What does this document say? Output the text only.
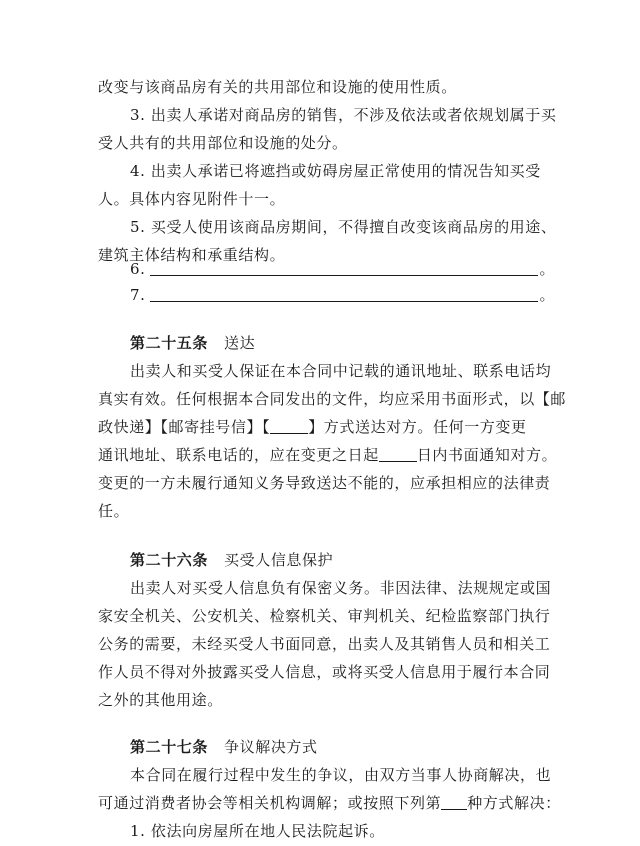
改变与该商品房有关的共用部位和设施的使用性质。
3. 出卖人承诺对商品房的销售，不涉及依法或者依规划属于买
受人共有的共用部位和设施的处分。
4. 出卖人承诺已将遮挡或妨碍房屋正常使用的情况告知买受
人。具体内容见附件十一。
5. 买受人使用该商品房期间，不得擅自改变该商品房的用途、
建筑主体结构和承重结构。
6.	。
7.	。
第二十五条 送达
出卖人和买受人保证在本合同中记载的通讯地址、联系电话均
真实有效。任何根据本合同发出的文件，均应采用书面形式，以【邮
政快递】【邮寄挂号信】【	】方式送达对方。任何一方变更
通讯地址、联系电话的，应在变更之日起	日内书面通知对方。
变更的一方未履行通知义务导致送达不能的，应承担相应的法律责
任。
第二十六条 买受人信息保护
出卖人对买受人信息负有保密义务。非因法律、法规规定或国
家安全机关、公安机关、检察机关、审判机关、纪检监察部门执行
公务的需要，未经买受人书面同意，出卖人及其销售人员和相关工
作人员不得对外披露买受人信息，或将买受人信息用于履行本合同
之外的其他用途。
第二十七条 争议解决方式
本合同在履行过程中发生的争议，由双方当事人协商解决，也
可通过消费者协会等相关机构调解；或按照下列第 种方式解决：
1. 依法向房屋所在地人民法院起诉。
